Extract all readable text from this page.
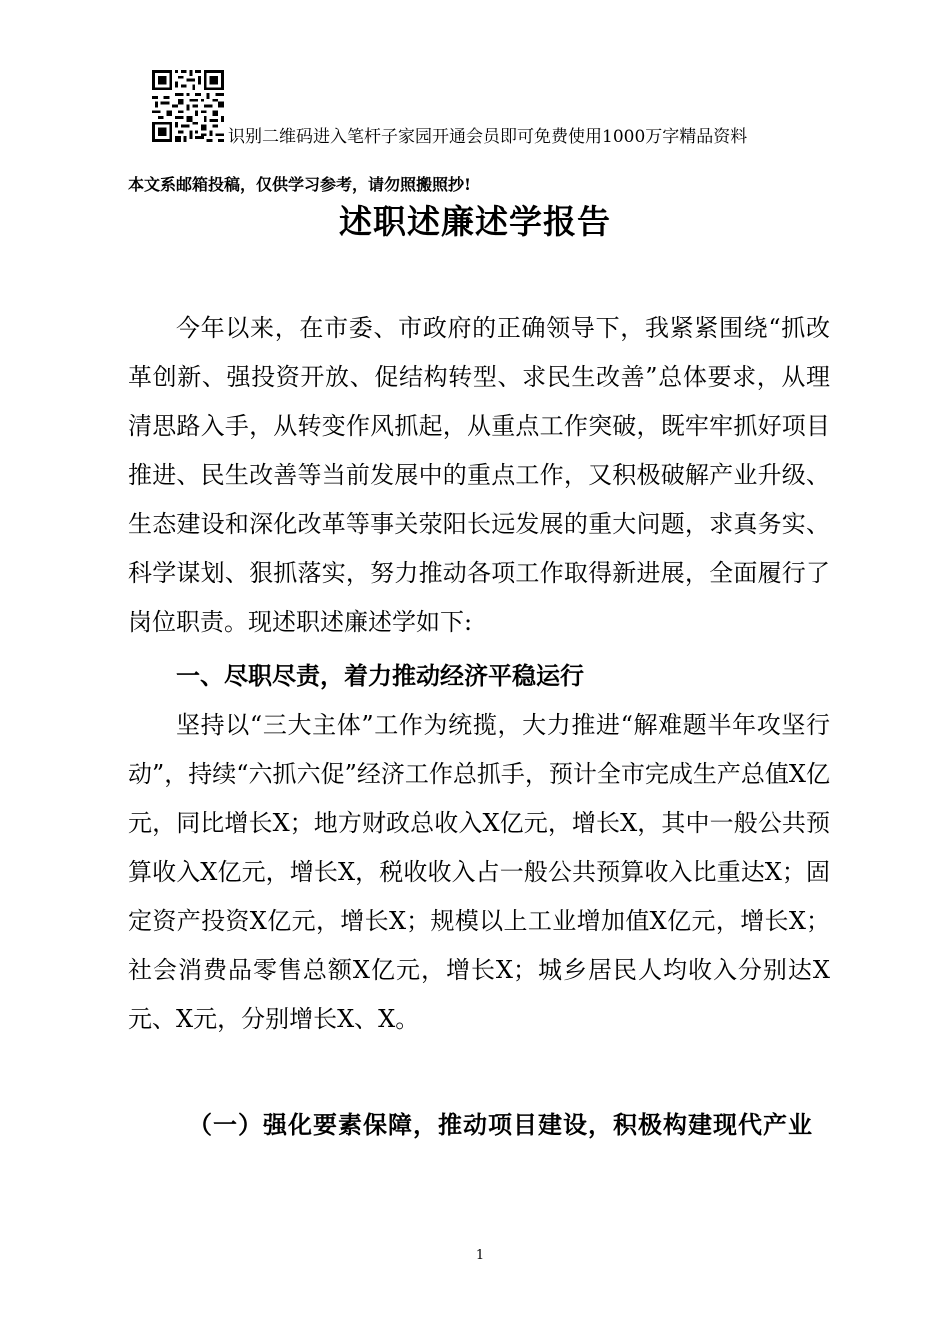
识别二维码进入笔杆子家园开通会员即可免费使用1000万字精品资料
本文系邮箱投稿，仅供学习参考，请勿照搬照抄!
述职述廉述学报告

今年以来，在市委、市政府的正确领导下，我紧紧围绕“抓改革创新、强投资开放、促结构转型、求民生改善”总体要求，从理清思路入手，从转变作风抓起，从重点工作突破，既牢牢抓好项目推进、民生改善等当前发展中的重点工作，又积极破解产业升级、生态建设和深化改革等事关荥阳长远发展的重大问题，求真务实、科学谋划、狠抓落实，努力推动各项工作取得新进展，全面履行了岗位职责。现述职述廉述学如下:

一、尽职尽责，着力推动经济平稳运行

坚持以“三大主体”工作为统揽，大力推进“解难题半年攻坚行动”，持续“六抓六促”经济工作总抓手，预计全市完成生产总值X亿元，同比增长X；地方财政总收入X亿元，增长X，其中一般公共预算收入X亿元，增长X，税收收入占一般公共预算收入比重达X；固定资产投资X亿元，增长X；规模以上工业增加值X亿元，增长X；社会消费品零售总额X亿元，增长X；城乡居民人均收入分别达X元、X元，分别增长X、X。

（一）强化要素保障，推动项目建设，积极构建现代产业
1
